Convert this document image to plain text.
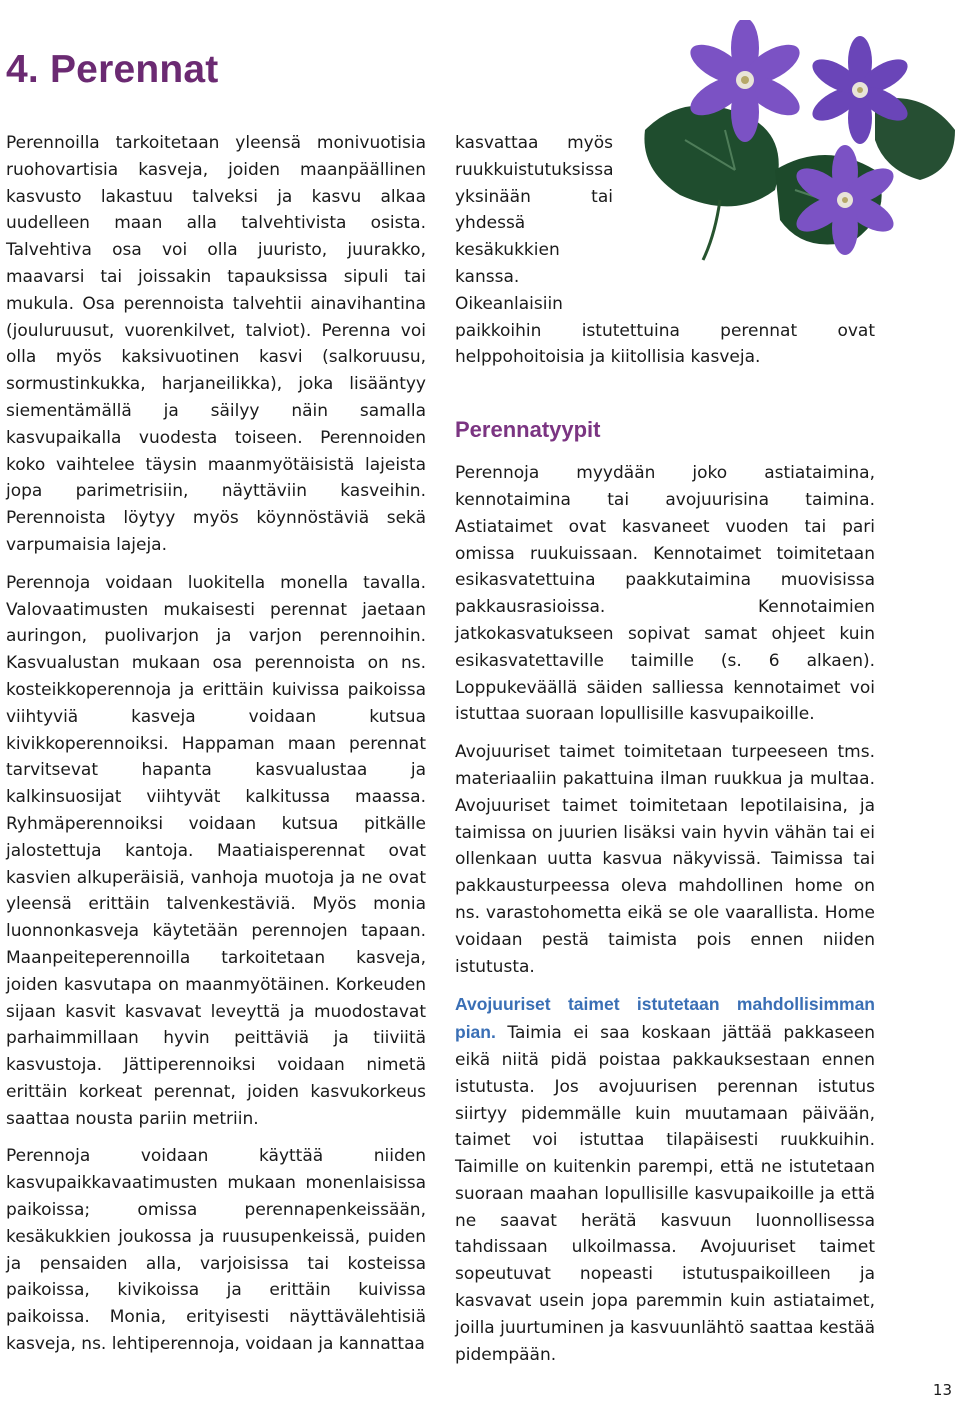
4. Perennat

Perennoilla tarkoitetaan yleensä monivuotisia ruohovartisia kasveja, joiden maanpäällinen kasvusto lakastuu talveksi ja kasvu alkaa uudelleen maan alla talvehtivista osista. Talvehtiva osa voi olla juuristo, juurakko, maavarsi tai joissakin tapauksissa sipuli tai mukula. Osa perennoista talvehtii ainavihantina (jouluruusut, vuorenkilvet, talviot). Perenna voi olla myös kaksivuotinen kasvi (salkoruusu, sormustinkukka, harjaneilikka), joka lisääntyy siementämällä ja säilyy näin samalla kasvupaikalla vuodesta toiseen. Perennoiden koko vaihtelee täysin maanmyötäisistä lajeista jopa parimetrisiin, näyttäviin kasveihin. Perennoista löytyy myös köynnöstäviä sekä varpumaisia lajeja.

Perennoja voidaan luokitella monella tavalla. Valovaatimusten mukaisesti perennat jaetaan auringon, puolivarjon ja varjon perennoihin. Kasvualustan mukaan osa perennoista on ns. kosteikkoperennoja ja erittäin kuivissa paikoissa viihtyviä kasveja voidaan kutsua kivikkoperennoiksi. Happaman maan perennat tarvitsevat hapanta kasvualustaa ja kalkinsuosijat viihtyvät kalkitussa maassa. Ryhmäperennoiksi voidaan kutsua pitkälle jalostettuja kantoja. Maatiaisperennat ovat kasvien alkuperäisiä, vanhoja muotoja ja ne ovat yleensä erittäin talvenkestäviä. Myös monia luonnonkasveja käytetään perennojen tapaan. Maanpeiteperennoilla tarkoitetaan kasveja, joiden kasvutapa on maanmyötäinen. Korkeuden sijaan kasvit kasvavat leveyttä ja muodostavat parhaimmillaan hyvin peittäviä ja tiiviitä kasvustoja. Jättiperennoiksi voidaan nimetä erittäin korkeat perennat, joiden kasvukorkeus saattaa nousta pariin metriin.

Perennoja voidaan käyttää niiden kasvupaikkavaatimusten mukaan monenlaisissa paikoissa; omissa perennapenkeissään, kesäkukkien joukossa ja ruusupenkeissä, puiden ja pensaiden alla, varjoisissa tai kosteissa paikoissa, kivikoissa ja erittäin kuivissa paikoissa. Monia, erityisesti näyttävälehtisiä kasveja, ns. lehtiperennoja, voidaan ja kannattaa

kasvattaa myös ruukkuistutuksissa yksinään tai yhdessä kesäkukkien kanssa. Oikeanlaisiin

paikkoihin istutettuina perennat ovat helppohoitoisia ja kiitollisia kasveja.

Perennatyypit

Perennoja myydään joko astiataimina, kennotaimina tai avojuurisina taimina. Astiataimet ovat kasvaneet vuoden tai pari omissa ruukuissaan. Kennotaimet toimitetaan esikasvatettuina paakkutaimina muovisissa pakkausrasioissa. Kennotaimien jatkokasvatukseen sopivat samat ohjeet kuin esikasvatettaville taimille (s. 6 alkaen). Loppukeväällä säiden salliessa kennotaimet voi istuttaa suoraan lopullisille kasvupaikoille.

Avojuuriset taimet toimitetaan turpeeseen tms. materiaaliin pakattuina ilman ruukkua ja multaa. Avojuuriset taimet toimitetaan lepotilaisina, ja taimissa on juurien lisäksi vain hyvin vähän tai ei ollenkaan uutta kasvua näkyvissä. Taimissa tai pakkausturpeessa oleva mahdollinen home on ns. varastohometta eikä se ole vaarallista. Home voidaan pestä taimista pois ennen niiden istutusta.

Avojuuriset taimet istutetaan mahdollisimman pian. Taimia ei saa koskaan jättää pakkaseen eikä niitä pidä poistaa pakkauksestaan ennen istutusta. Jos avojuurisen perennan istutus siirtyy pidemmälle kuin muutamaan päivään, taimet voi istuttaa tilapäisesti ruukkuihin. Taimille on kuitenkin parempi, että ne istutetaan suoraan maahan lopullisille kasvupaikoille ja että ne saavat herätä kasvuun luonnollisessa tahdissaan ulkoilmassa. Avojuuriset taimet sopeutuvat nopeasti istutuspaikoilleen ja kasvavat usein jopa paremmin kuin astiataimet, joilla juurtuminen ja kasvuunlähtö saattaa kestää pidempään.

13
